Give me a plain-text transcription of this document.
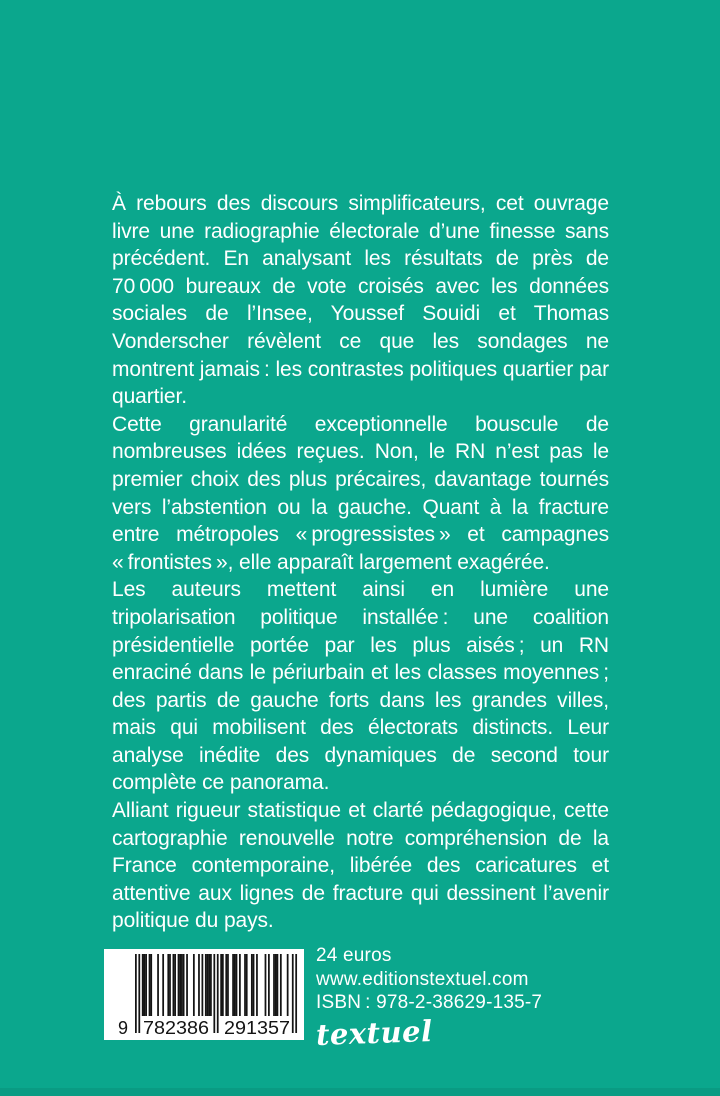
À rebours des discours simplificateurs, cet ouvrage livre une radiographie électorale d’une finesse sans précédent. En analysant les résultats de près de 70 000 bureaux de vote croisés avec les données sociales de l’Insee, Youssef Souidi et Thomas Vonderscher révèlent ce que les sondages ne montrent jamais : les contrastes politiques quartier par quartier.

Cette granularité exceptionnelle bouscule de nombreuses idées reçues. Non, le RN n’est pas le premier choix des plus précaires, davantage tournés vers l’abstention ou la gauche. Quant à la fracture entre métropoles « progressistes » et campagnes « frontistes », elle apparaît largement exagérée.

Les auteurs mettent ainsi en lumière une tripolarisation politique installée : une coalition présidentielle portée par les plus aisés ; un RN enraciné dans le périurbain et les classes moyennes ; des partis de gauche forts dans les grandes villes, mais qui mobilisent des électorats distincts. Leur analyse inédite des dynamiques de second tour complète ce panorama.

Alliant rigueur statistique et clarté pédagogique, cette cartographie renouvelle notre compréhension de la France contemporaine, libérée des caricatures et attentive aux lignes de fracture qui dessinent l’avenir politique du pays.

9 782386 291357
24 euros
www.editionstextuel.com
ISBN : 978-2-38629-135-7
textuel
